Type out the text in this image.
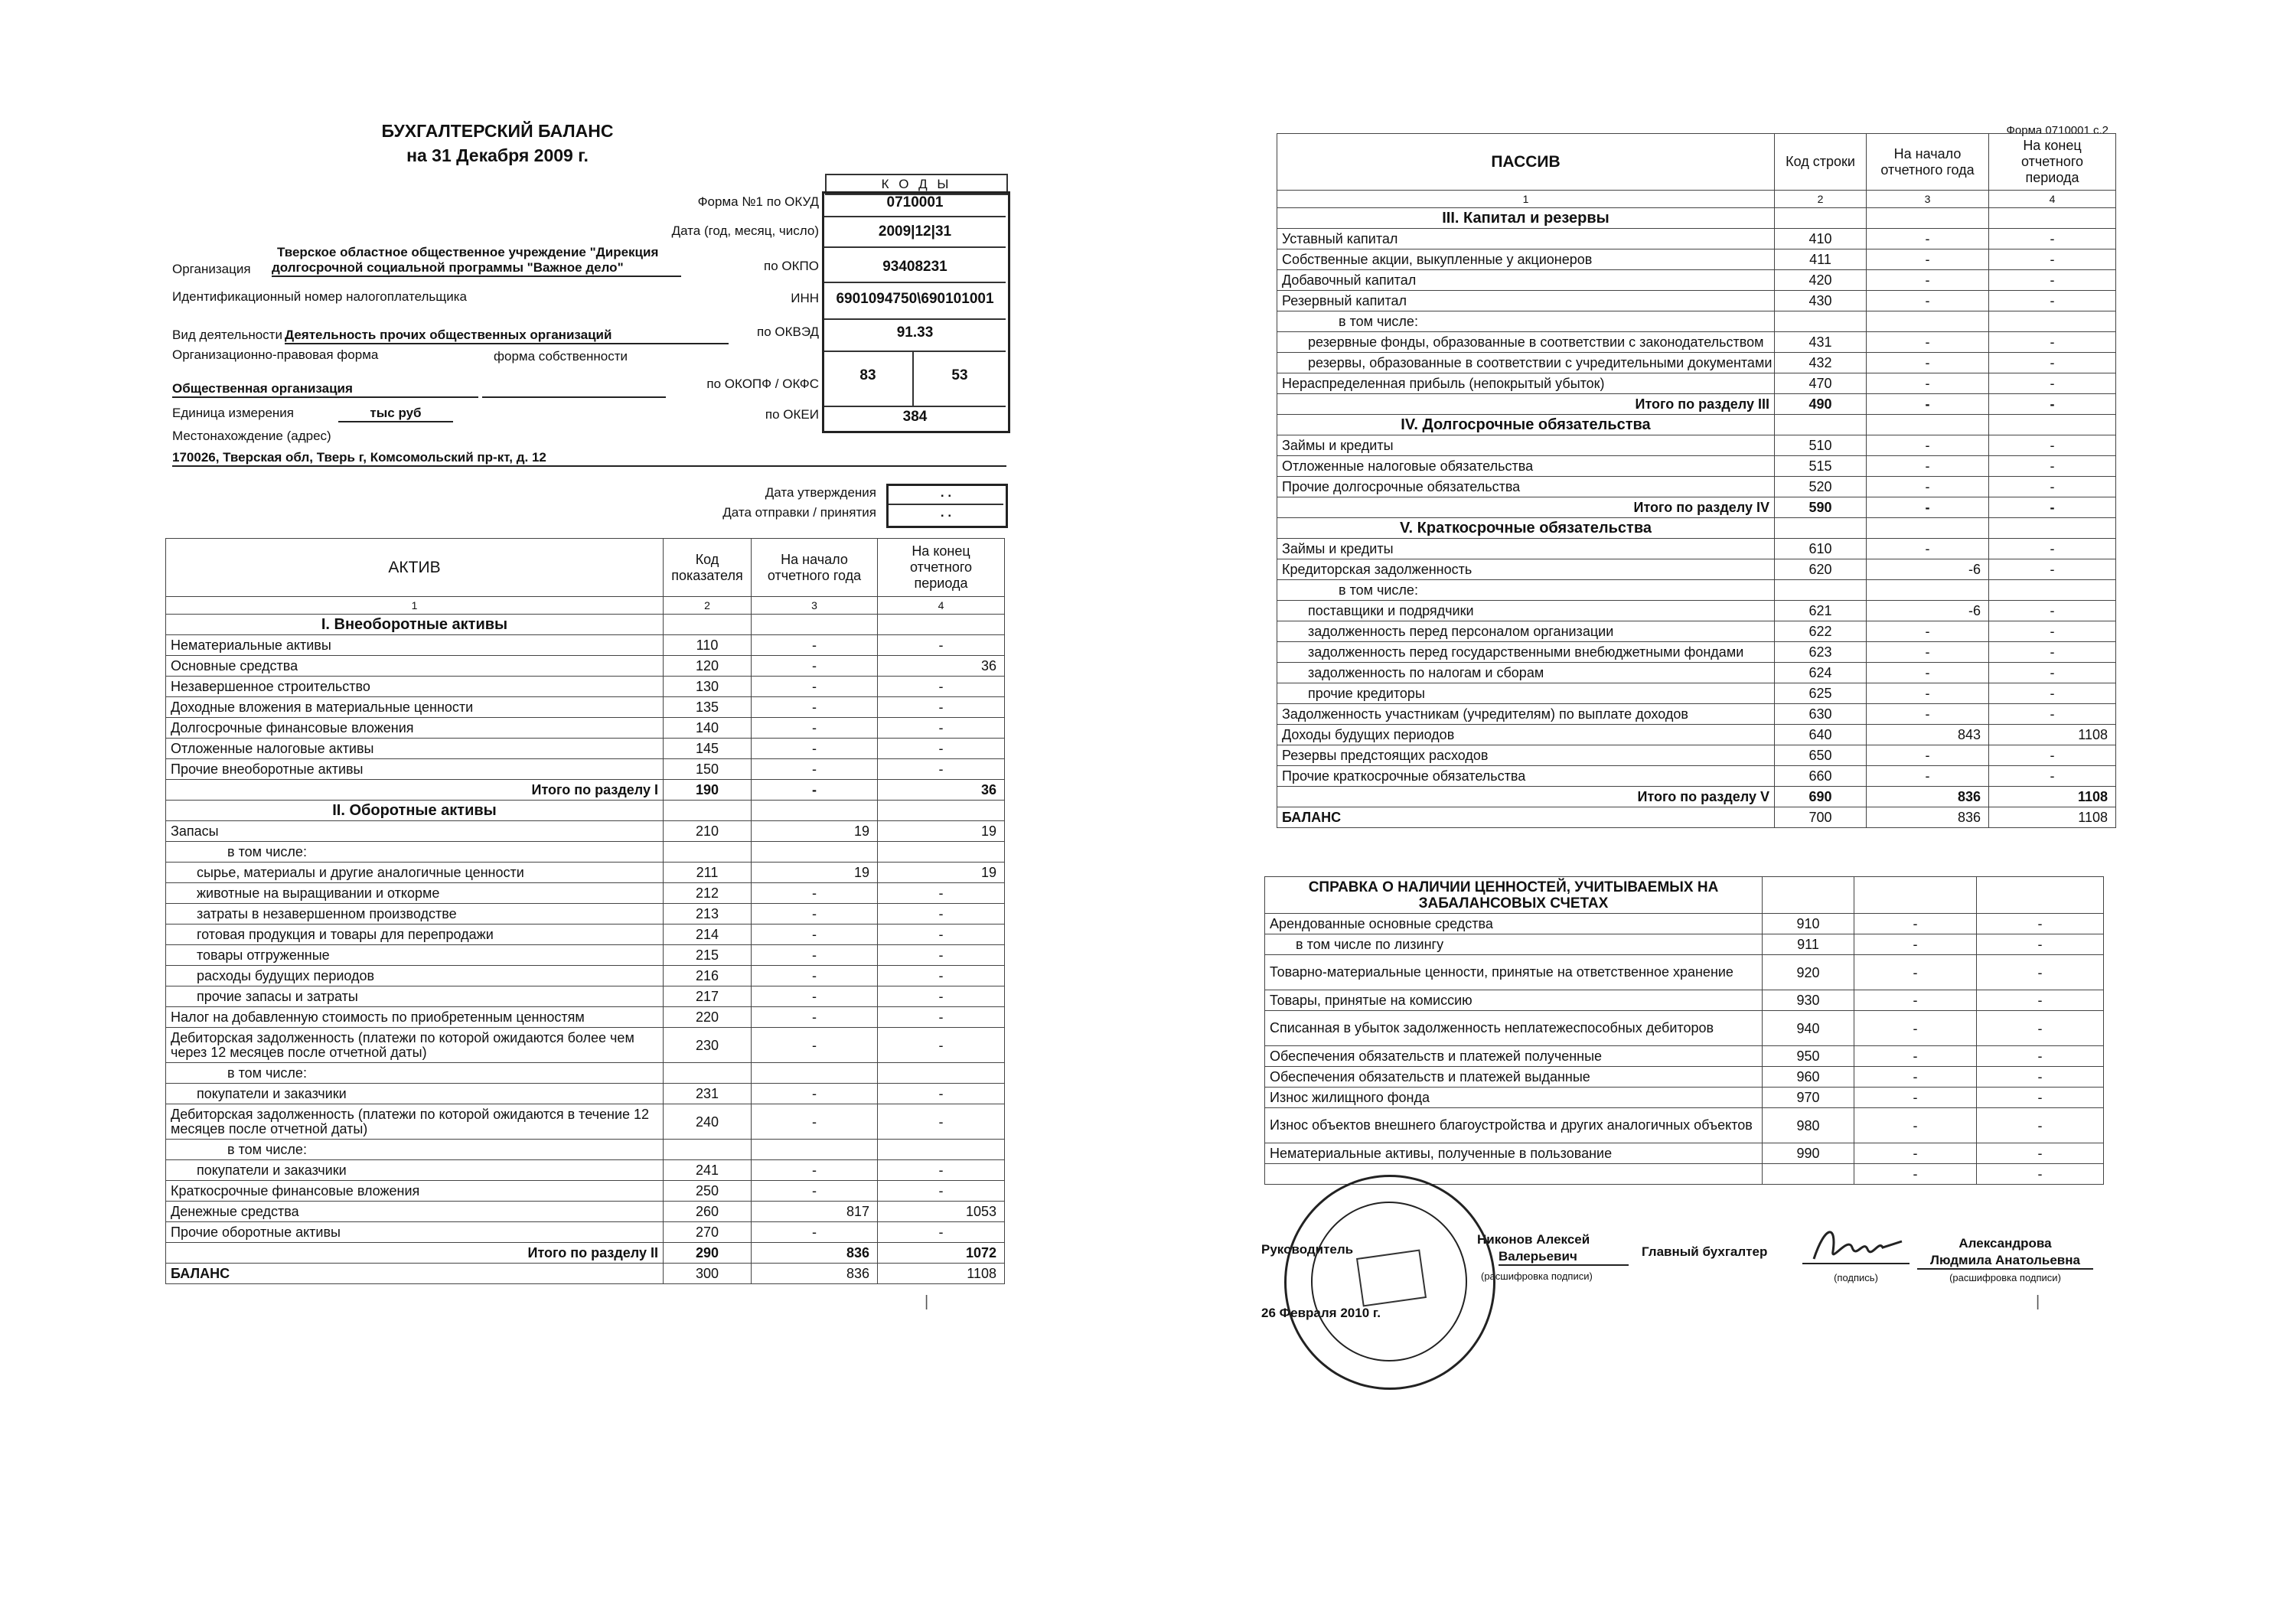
БУХГАЛТЕРСКИЙ БАЛАНС
на 31 Декабря 2009 г.
К О Д Ы
Форма №1 по ОКУД	0710001
Дата (год, месяц, число)	2009|12|31
Тверское областное общественное учреждение "Дирекция
Организация долгосрочной социальной программы "Важное дело"	по ОКПО	93408231
Идентификационный номер налогоплательщика	ИНН	6901094750\690101001
Вид деятельности Деятельность прочих общественных организаций	по ОКВЭД	91.33
Организационно-правовая форма	форма собственности
Общественная организация	по ОКОПФ / ОКФС
83	53
Единица измерения	тыс руб	по ОКЕИ	384
Местонахождение (адрес)
170026, Тверская обл, Тверь г, Комсомольский пр-кт, д. 12
Дата утверждения
Дата отправки / принятия
. .
. .
АКТИВ	Код показателя	На начало отчетного года	На конец отчетного периода
1	2	3	4
I. Внеоборотные активы			
Нематериальные активы	110	-	-
Основные средства	120	-	36
Незавершенное строительство	130	-	-
Доходные вложения в материальные ценности	135	-	-
Долгосрочные финансовые вложения	140	-	-
Отложенные налоговые активы	145	-	-
Прочие внеоборотные активы	150	-	-
Итого по разделу I	190	-	36
II. Оборотные активы			
Запасы	210	19	19
в том числе:			
сырье, материалы и другие аналогичные ценности	211	19	19
животные на выращивании и откорме	212	-	-
затраты в незавершенном производстве	213	-	-
готовая продукция и товары для перепродажи	214	-	-
товары отгруженные	215	-	-
расходы будущих периодов	216	-	-
прочие запасы и затраты	217	-	-
Налог на добавленную стоимость по приобретенным ценностям	220	-	-
Дебиторская задолженность (платежи по которой ожидаются более чем через 12 месяцев после отчетной даты)	230	-	-
в том числе:			
покупатели и заказчики	231	-	-
Дебиторская задолженность (платежи по которой ожидаются в течение 12 месяцев после отчетной даты)	240	-	-
в том числе:			
покупатели и заказчики	241	-	-
Краткосрочные финансовые вложения	250	-	-
Денежные средства	260	817	1053
Прочие оборотные активы	270	-	-
Итого по разделу II	290	836	1072
БАЛАНС	300	836	1108
Форма 0710001 с.2
ПАССИВ	Код строки	На начало отчетного года	На конец отчетного периода
1	2	3	4
III. Капитал и резервы			
Уставный капитал	410	-	-
Собственные акции, выкупленные у акционеров	411	-	-
Добавочный капитал	420	-	-
Резервный капитал	430	-	-
в том числе:			
резервные фонды, образованные в соответствии с законодательством	431	-	-
резервы, образованные в соответствии с учредительными документами	432	-	-
Нераспределенная прибыль (непокрытый убыток)	470	-	-
Итого по разделу III	490	-	-
IV. Долгосрочные обязательства			
Займы и кредиты	510	-	-
Отложенные налоговые обязательства	515	-	-
Прочие долгосрочные обязательства	520	-	-
Итого по разделу IV	590	-	-
V. Краткосрочные обязательства			
Займы и кредиты	610	-	-
Кредиторская задолженность	620	-6	-
в том числе:			
поставщики и подрядчики	621	-6	-
задолженность перед персоналом организации	622	-	-
задолженность перед государственными внебюджетными фондами	623	-	-
задолженность по налогам и сборам	624	-	-
прочие кредиторы	625	-	-
Задолженность участникам (учредителям) по выплате доходов	630	-	-
Доходы будущих периодов	640	843	1108
Резервы предстоящих расходов	650	-	-
Прочие краткосрочные обязательства	660	-	-
Итого по разделу V	690	836	1108
БАЛАНС	700	836	1108
СПРАВКА О НАЛИЧИИ ЦЕННОСТЕЙ, УЧИТЫВАЕМЫХ НА ЗАБАЛАНСОВЫХ СЧЕТАХ			
Арендованные основные средства	910	-	-
в том числе по лизингу	911	-	-
Товарно-материальные ценности, принятые на ответственное хранение	920	-	-
Товары, принятые на комиссию	930	-	-
Списанная в убыток задолженность неплатежеспособных дебиторов	940	-	-
Обеспечения обязательств и платежей полученные	950	-	-
Обеспечения обязательств и платежей выданные	960	-	-
Износ жилищного фонда	970	-	-
Износ объектов внешнего благоустройства и других аналогичных объектов	980	-	-
Нематериальные активы, полученные в пользование	990	-	-
		-	-
Руководитель
Никонов Алексей
Валерьевич
(расшифровка подписи)
Главный бухгалтер
(подпись)
Александрова
Людмила Анатольевна
(расшифровка подписи)
26 Февраля 2010 г.
|	|
